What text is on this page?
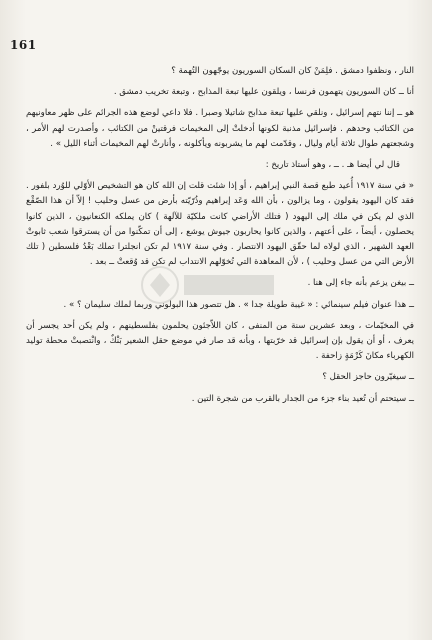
161

النار ، ونظفوا دمشق . فلِمَنْ كان السكان السوريون يوجّهون التُهمة ؟

أنا ــ كان السوريون يتهمون فرنسا ، ويلقون عليها تبعة المذابح ، وتبعة تخريب دمشق .

هو ــ إننا نتهم إسرائيل ، ونلقي عليها تبعة مذابح شاتيلا وصبرا . فلا داعي لوضع هذه الجرائم على ظهر معاونيهم من الكتائب وحدهم . فإسرائيل مذنبة لكونها أدخلتْ إلى المخيمات فرقتينْ من الكتائب ، وأصدرت لهم الأمر ، وشجعتهم طوال ثلاثة أيام وليال ، وقدّمت لهم ما يشربونه ويأكلونه ، وأنارتْ لهم المخيمات أثناء الليل » .

قال لي أيضا هـ . ــ ، وهو أستاذ تاريخ :

« في سنة ١٩١٧ أُعيد طبع قصة النبي إبراهيم ، أو إذا شئت قلت إن الله كان هو التشخيص الأوّلي للوُرد بلفور . فقد كان اليهود يقولون ، وما يزالون ، بأن الله وَعَد إبراهيم وذُرّيّته بأرض من عسل وحليب ! إلاّ أن هذا الصّقْع الذي لم يكن في ملك إلى اليهود ( فتلك الأراضي كانت ملكيّة للآلهة ) كان يملكه الكنعانيون ، الذين كانوا يحصلون ، أيضاً ، على أعتهم ، والذين كانوا يحاربون جيوش يوشع ، إلى أن تمكّنوا من أن يسترقوا شعب ثابوتْ العهد الشهير ، الذي لولاه لما حقّق اليهود الانتصار . وفي سنة ١٩١٧ لم تكن انجلترا تملك بَعْدُ فلسطين ( تلك الأرض التي من عسل وحليب ) ، لأن المعاهدة التي تُخوّلهم الانتداب لم تكن قد وُقعتْ ــ بعد .

ــ بيغن يزعم بأنه جاء إلى هنا .

ــ هذا عنوان فيلم سينمائي : « غيبة طويلة جدا » . هل تتصور هذا البولوني وربما لملك سليمان ؟ » .

في المخيّمات ، وبعد عشرين سنة من المنفى ، كان اللاّجئون يحلمون بفلسطينهم ، ولم يكن أحد يجسر أن يعرف ، أو أن يقول بإن إسرائيل قد خرّبتها ، وبأنه قد صار في موضع حقل الشعير بَنْكٌ ، وانْتصبتْ محطة توليد الكهرباء مكانَ كَرْمَةٍ زاحفة .

ــ سيغيّرون حاجز الحقل ؟

ــ سيتحتم أن تُعيد بناء جزء من الجدار بالقرب من شجرة التين .
